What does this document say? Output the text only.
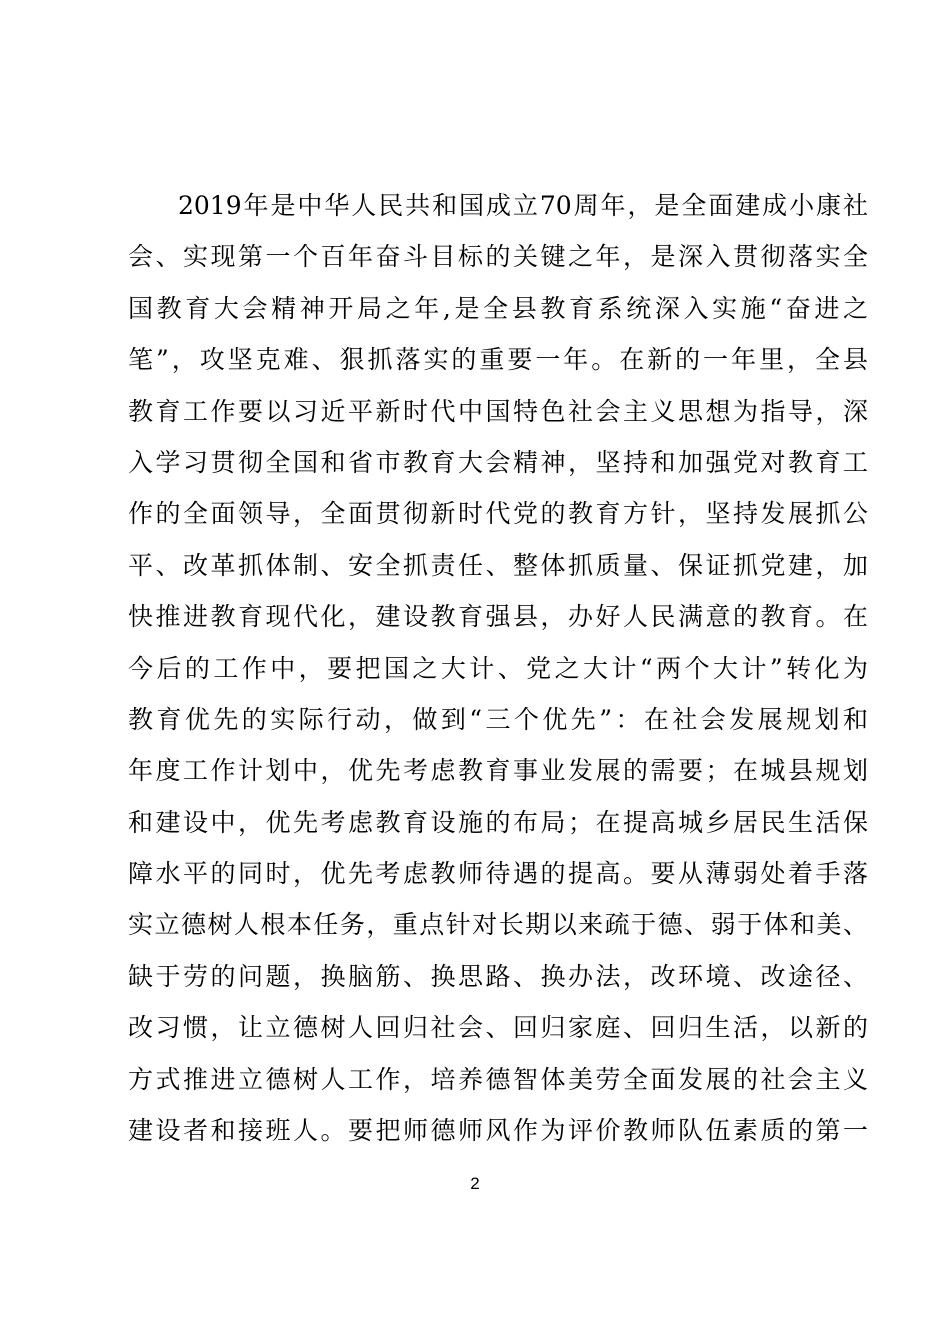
2019年是中华人民共和国成立70周年，是全面建成小康社
会、实现第一个百年奋斗目标的关键之年，是深入贯彻落实全
国教育大会精神开局之年,是全县教育系统深入实施“奋进之
笔”，攻坚克难、狠抓落实的重要一年。在新的一年里，全县
教育工作要以习近平新时代中国特色社会主义思想为指导，深
入学习贯彻全国和省市教育大会精神，坚持和加强党对教育工
作的全面领导，全面贯彻新时代党的教育方针，坚持发展抓公
平、改革抓体制、安全抓责任、整体抓质量、保证抓党建，加
快推进教育现代化，建设教育强县，办好人民满意的教育。在
今后的工作中，要把国之大计、党之大计“两个大计”转化为
教育优先的实际行动，做到“三个优先”：在社会发展规划和
年度工作计划中，优先考虑教育事业发展的需要；在城县规划
和建设中，优先考虑教育设施的布局；在提高城乡居民生活保
障水平的同时，优先考虑教师待遇的提高。要从薄弱处着手落
实立德树人根本任务，重点针对长期以来疏于德、弱于体和美、
缺于劳的问题，换脑筋、换思路、换办法，改环境、改途径、
改习惯，让立德树人回归社会、回归家庭、回归生活，以新的
方式推进立德树人工作，培养德智体美劳全面发展的社会主义
建设者和接班人。要把师德师风作为评价教师队伍素质的第一
2
